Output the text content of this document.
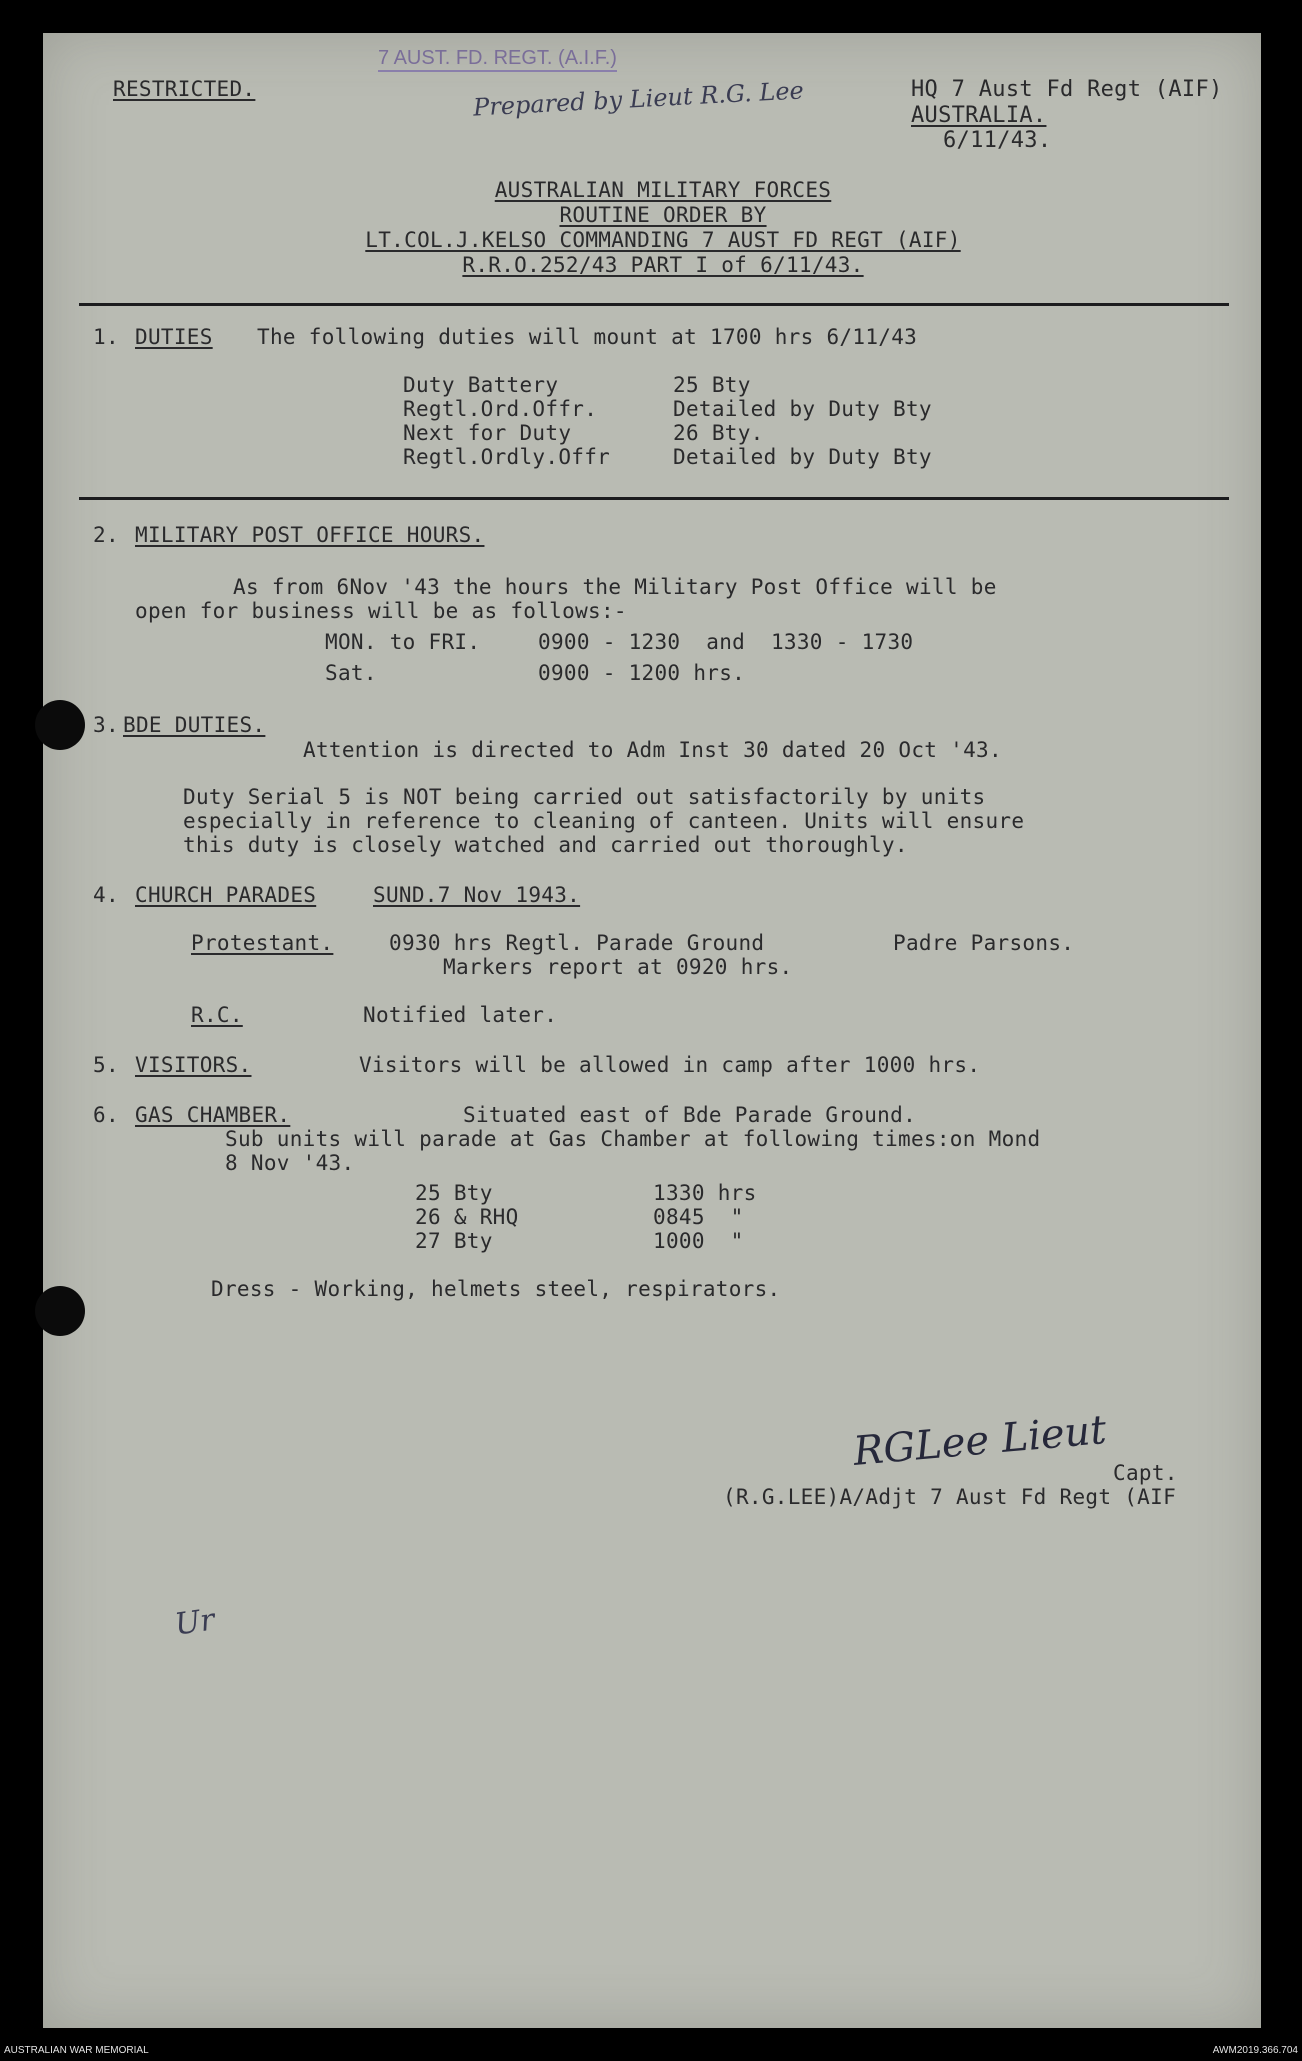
RESTRICTED.
7 AUST. FD. REGT. (A.I.F.)
Prepared by Lieut R.G. Lee	HQ 7 Aust Fd Regt (AIF)
AUSTRALIA.
6/11/43.
AUSTRALIAN MILITARY FORCES
ROUTINE ORDER BY
LT.COL.J.KELSO COMMANDING 7 AUST FD REGT (AIF)
R.R.O.252/43 PART I of 6/11/43.
1. DUTIES The following duties will mount at 1700 hrs 6/11/43
Duty Battery	25 Bty
Regtl.Ord.Offr.	Detailed by Duty Bty
Next for Duty	26 Bty.
Regtl.Ordly.Offr	Detailed by Duty Bty
2. MILITARY POST OFFICE HOURS.
As from 6Nov '43 the hours the Military Post Office will be
open for business will be as follows:-
MON. to FRI.	0900 - 1230  and  1330 - 1730
Sat.	0900 - 1200 hrs.
3. BDE DUTIES.
Attention is directed to Adm Inst 30 dated 20 Oct '43.
Duty Serial 5 is NOT being carried out satisfactorily by units
especially in reference to cleaning of canteen. Units will ensure
this duty is closely watched and carried out thoroughly.
4. CHURCH PARADES	SUND.7 Nov 1943.
Protestant.	0930 hrs Regtl. Parade Ground	Padre Parsons.
Markers report at 0920 hrs.
R.C.	Notified later.
5. VISITORS.	Visitors will be allowed in camp after 1000 hrs.
6. GAS CHAMBER.	Situated east of Bde Parade Ground.
Sub units will parade at Gas Chamber at following times:on Mond
8 Nov '43.
25 Bty	1330 hrs
26 & RHQ	0845  "
27 Bty	1000  "
Dress - Working, helmets steel, respirators.
RGLee Lieut Capt.
(R.G.LEE)A/Adjt 7 Aust Fd Regt (AIF
Ur
AUSTRALIAN WAR MEMORIAL	AWM2019.366.704
